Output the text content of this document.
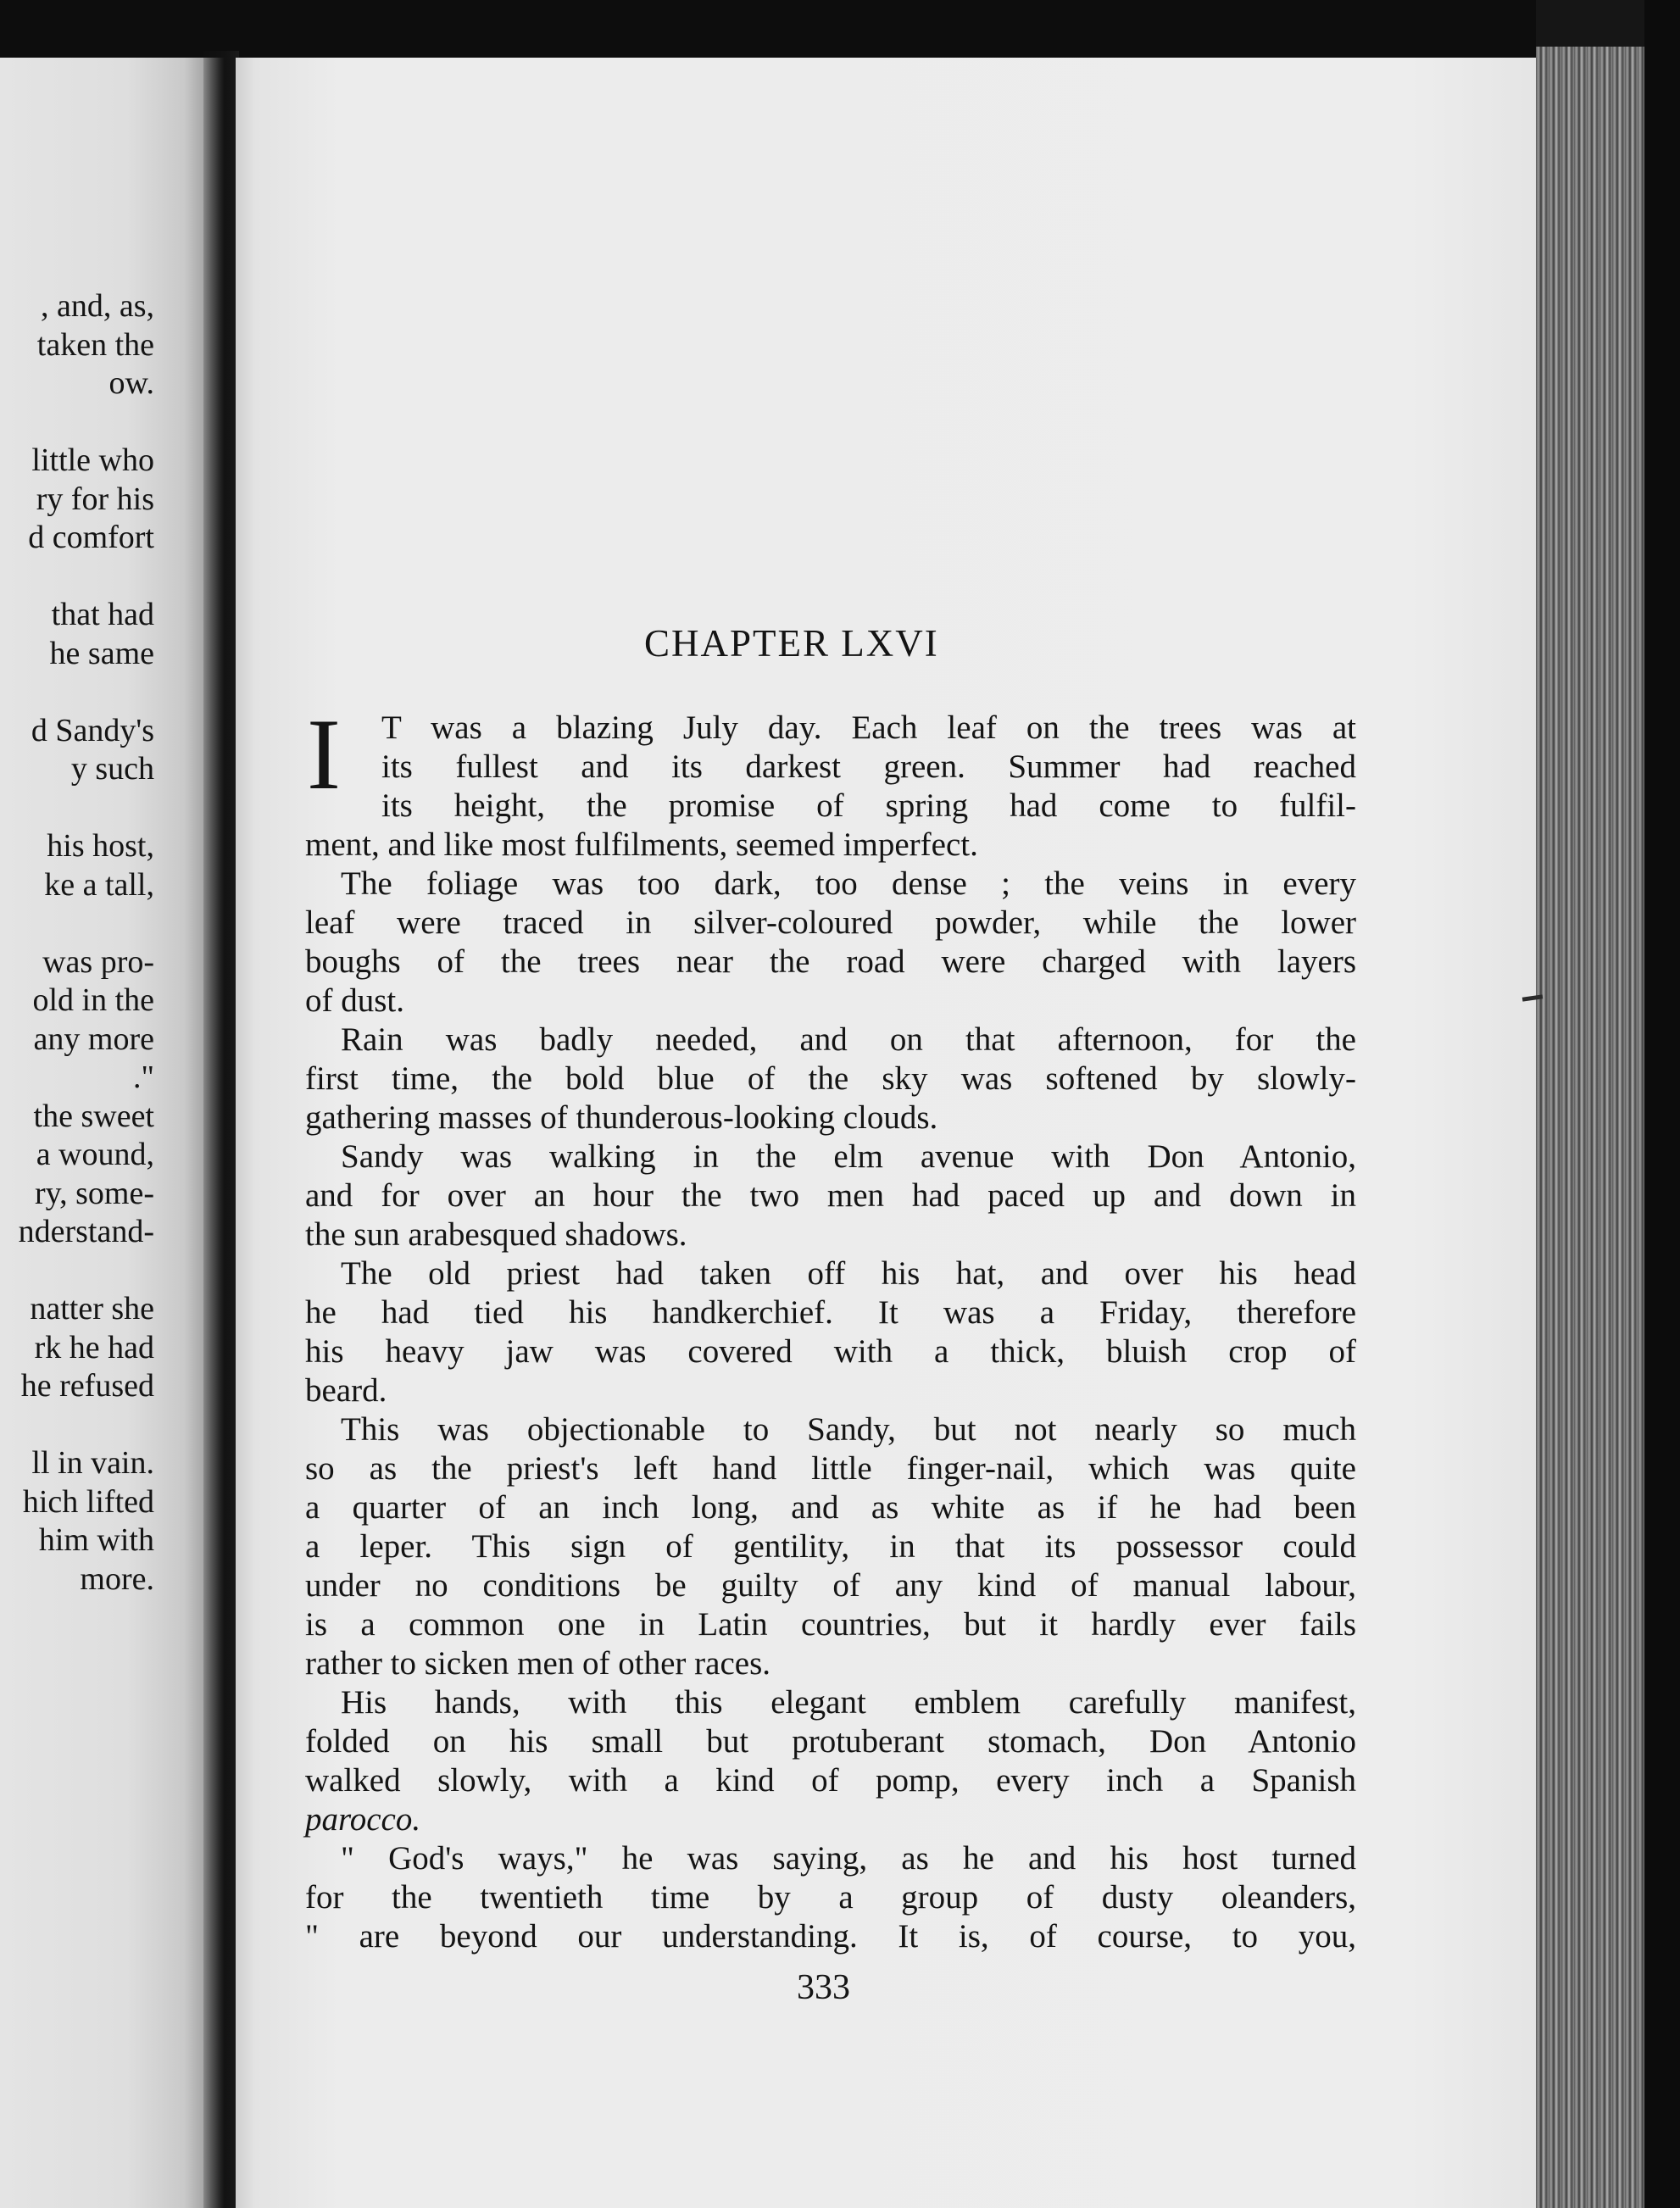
, and, as,
taken the
ow.
little who
ry for his
d comfort
that had
he same
d Sandy's
y such
his host,
ke a tall,
was pro-
old in the
any more
."
the sweet
a wound,
ry, some-
nderstand-
natter she
rk he had
he refused
ll in vain.
hich lifted
him with
more.
CHAPTER LXVI
I T was a blazing July day. Each leaf on the trees was at
its fullest and its darkest green. Summer had reached
its height, the promise of spring had come to fulfil-
ment, and like most fulfilments, seemed imperfect.
The foliage was too dark, too dense ; the veins in every
leaf were traced in silver-coloured powder, while the lower
boughs of the trees near the road were charged with layers
of dust.
Rain was badly needed, and on that afternoon, for the
first time, the bold blue of the sky was softened by slowly-
gathering masses of thunderous-looking clouds.
Sandy was walking in the elm avenue with Don Antonio,
and for over an hour the two men had paced up and down in
the sun arabesqued shadows.
The old priest had taken off his hat, and over his head
he had tied his handkerchief. It was a Friday, therefore
his heavy jaw was covered with a thick, bluish crop of
beard.
This was objectionable to Sandy, but not nearly so much
so as the priest's left hand little finger-nail, which was quite
a quarter of an inch long, and as white as if he had been
a leper. This sign of gentility, in that its possessor could
under no conditions be guilty of any kind of manual labour,
is a common one in Latin countries, but it hardly ever fails
rather to sicken men of other races.
His hands, with this elegant emblem carefully manifest,
folded on his small but protuberant stomach, Don Antonio
walked slowly, with a kind of pomp, every inch a Spanish
parocco.
" God's ways," he was saying, as he and his host turned
for the twentieth time by a group of dusty oleanders,
" are beyond our understanding. It is, of course, to you,
333
